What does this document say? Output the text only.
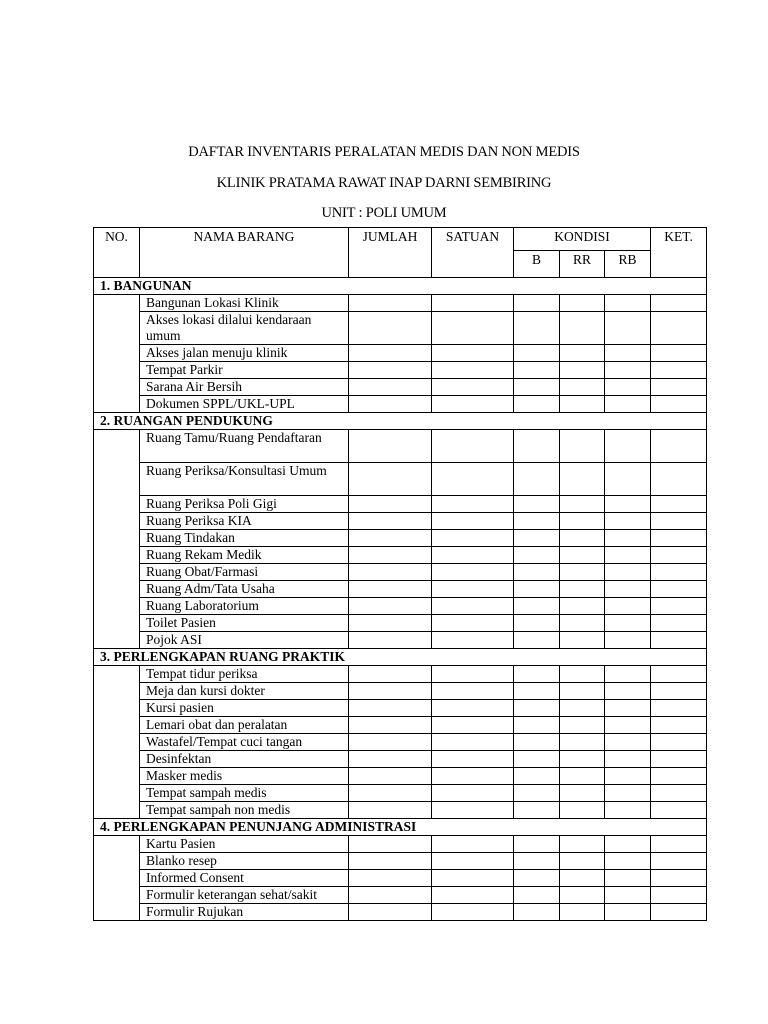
DAFTAR INVENTARIS PERALATAN MEDIS DAN NON MEDIS
KLINIK PRATAMA RAWAT INAP DARNI SEMBIRING
UNIT : POLI UMUM
NO.	NAMA BARANG	JUMLAH	SATUAN	KONDISI			KET.
				B	RR	RB	
1. BANGUNAN							
	Bangunan Lokasi Klinik						
	Akses lokasi dilalui kendaraan umum						
	Akses jalan menuju klinik						
	Tempat Parkir						
	Sarana Air Bersih						
	Dokumen SPPL/UKL-UPL						
2. RUANGAN PENDUKUNG							
	Ruang Tamu/Ruang Pendaftaran						
	Ruang Periksa/Konsultasi Umum						
	Ruang Periksa Poli Gigi						
	Ruang Periksa KIA						
	Ruang Tindakan						
	Ruang Rekam Medik						
	Ruang Obat/Farmasi						
	Ruang Adm/Tata Usaha						
	Ruang Laboratorium						
	Toilet Pasien						
	Pojok ASI						
3. PERLENGKAPAN RUANG PRAKTIK							
	Tempat tidur periksa						
	Meja dan kursi dokter						
	Kursi pasien						
	Lemari obat dan peralatan						
	Wastafel/Tempat cuci tangan						
	Desinfektan						
	Masker medis						
	Tempat sampah medis						
	Tempat sampah non medis						
4. PERLENGKAPAN PENUNJANG ADMINISTRASI							
	Kartu Pasien						
	Blanko resep						
	Informed Consent						
	Formulir keterangan sehat/sakit						
	Formulir Rujukan						
